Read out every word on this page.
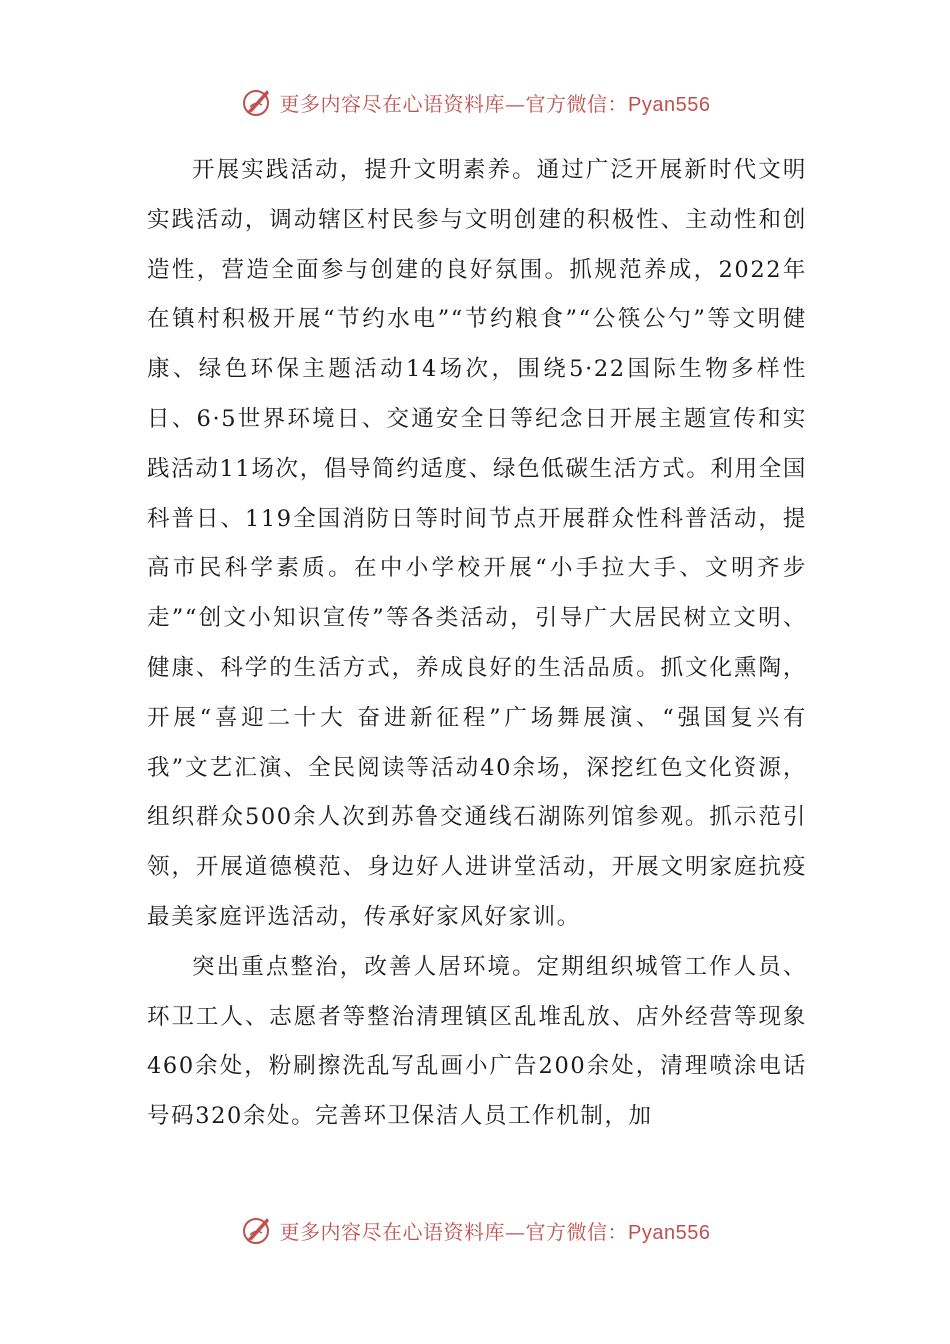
更多内容尽在心语资料库—官方微信：Pyan556

开展实践活动，提升文明素养。通过广泛开展新时代文明实践活动，调动辖区村民参与文明创建的积极性、主动性和创造性，营造全面参与创建的良好氛围。抓规范养成，2022年在镇村积极开展“节约水电”“节约粮食”“公筷公勺”等文明健康、绿色环保主题活动14场次，围绕5·22国际生物多样性日、6·5世界环境日、交通安全日等纪念日开展主题宣传和实践活动11场次，倡导简约适度、绿色低碳生活方式。利用全国科普日、119全国消防日等时间节点开展群众性科普活动，提高市民科学素质。在中小学校开展“小手拉大手、文明齐步走”“创文小知识宣传”等各类活动，引导广大居民树立文明、健康、科学的生活方式，养成良好的生活品质。抓文化熏陶，开展“喜迎二十大 奋进新征程”广场舞展演、“强国复兴有我”文艺汇演、全民阅读等活动40余场，深挖红色文化资源，组织群众500余人次到苏鲁交通线石湖陈列馆参观。抓示范引领，开展道德模范、身边好人进讲堂活动，开展文明家庭抗疫最美家庭评选活动，传承好家风好家训。

突出重点整治，改善人居环境。定期组织城管工作人员、环卫工人、志愿者等整治清理镇区乱堆乱放、店外经营等现象460余处，粉刷擦洗乱写乱画小广告200余处，清理喷涂电话号码320余处。完善环卫保洁人员工作机制，加

更多内容尽在心语资料库—官方微信：Pyan556
